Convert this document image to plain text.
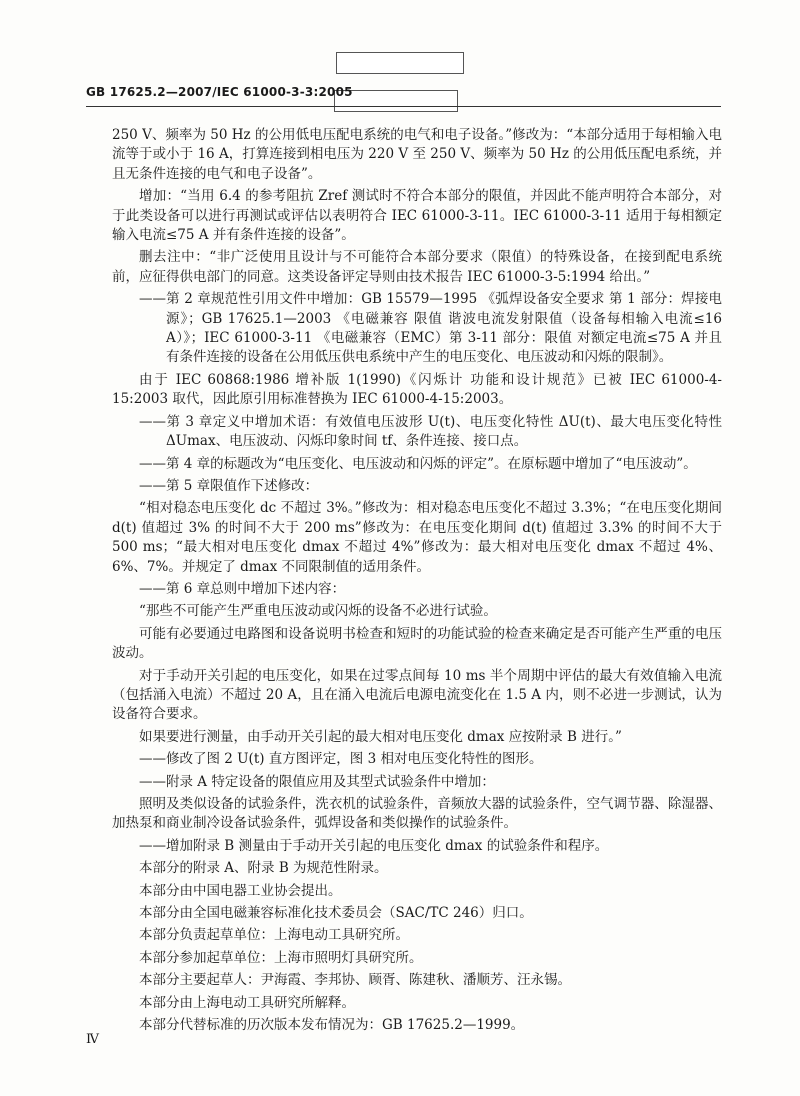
GB 17625.2—2007/IEC 61000-3-3:2005

250 V、频率为 50 Hz 的公用低电压配电系统的电气和电子设备。”修改为：“本部分适用于每相输入电流等于或小于 16 A，打算连接到相电压为 220 V 至 250 V、频率为 50 Hz 的公用低压配电系统，并且无条件连接的电气和电子设备”。

增加：“当用 6.4 的参考阻抗 Zref 测试时不符合本部分的限值，并因此不能声明符合本部分，对于此类设备可以进行再测试或评估以表明符合 IEC 61000-3-11。IEC 61000-3-11 适用于每相额定输入电流≤75 A 并有条件连接的设备”。

删去注中：“非广泛使用且设计与不可能符合本部分要求（限值）的特殊设备，在接到配电系统前，应征得供电部门的同意。这类设备评定导则由技术报告 IEC 61000-3-5:1994 给出。”

——第 2 章规范性引用文件中增加：GB 15579—1995 《弧焊设备安全要求 第 1 部分：焊接电源》；GB 17625.1—2003 《电磁兼容 限值 谐波电流发射限值（设备每相输入电流≤16 A）》；IEC 61000-3-11 《电磁兼容（EMC）第 3-11 部分：限值 对额定电流≤75 A 并且有条件连接的设备在公用低压供电系统中产生的电压变化、电压波动和闪烁的限制》。

由于 IEC 60868:1986 增补版 1(1990)《闪烁计 功能和设计规范》已被 IEC 61000-4-15:2003 取代，因此原引用标准替换为 IEC 61000-4-15:2003。

——第 3 章定义中增加术语：有效值电压波形 U(t)、电压变化特性 ΔU(t)、最大电压变化特性 ΔUmax、电压波动、闪烁印象时间 tf、条件连接、接口点。

——第 4 章的标题改为“电压变化、电压波动和闪烁的评定”。在原标题中增加了“电压波动”。

——第 5 章限值作下述修改：

“相对稳态电压变化 dc 不超过 3%。”修改为：相对稳态电压变化不超过 3.3%；“在电压变化期间 d(t) 值超过 3% 的时间不大于 200 ms”修改为：在电压变化期间 d(t) 值超过 3.3% 的时间不大于 500 ms；“最大相对电压变化 dmax 不超过 4%”修改为：最大相对电压变化 dmax 不超过 4%、6%、7%。并规定了 dmax 不同限制值的适用条件。

——第 6 章总则中增加下述内容：

“那些不可能产生严重电压波动或闪烁的设备不必进行试验。

可能有必要通过电路图和设备说明书检查和短时的功能试验的检查来确定是否可能产生严重的电压波动。

对于手动开关引起的电压变化，如果在过零点间每 10 ms 半个周期中评估的最大有效值输入电流（包括涌入电流）不超过 20 A，且在涌入电流后电源电流变化在 1.5 A 内，则不必进一步测试，认为设备符合要求。

如果要进行测量，由手动开关引起的最大相对电压变化 dmax 应按附录 B 进行。”

——修改了图 2 U(t) 直方图评定，图 3 相对电压变化特性的图形。

——附录 A 特定设备的限值应用及其型式试验条件中增加：

照明及类似设备的试验条件，洗衣机的试验条件，音频放大器的试验条件，空气调节器、除湿器、加热泵和商业制冷设备试验条件，弧焊设备和类似操作的试验条件。

——增加附录 B 测量由于手动开关引起的电压变化 dmax 的试验条件和程序。

本部分的附录 A、附录 B 为规范性附录。

本部分由中国电器工业协会提出。

本部分由全国电磁兼容标准化技术委员会（SAC/TC 246）归口。

本部分负责起草单位：上海电动工具研究所。

本部分参加起草单位：上海市照明灯具研究所。

本部分主要起草人：尹海霞、李邦协、顾胥、陈建秋、潘顺芳、汪永锡。

本部分由上海电动工具研究所解释。

本部分代替标准的历次版本发布情况为：GB 17625.2—1999。

Ⅳ
